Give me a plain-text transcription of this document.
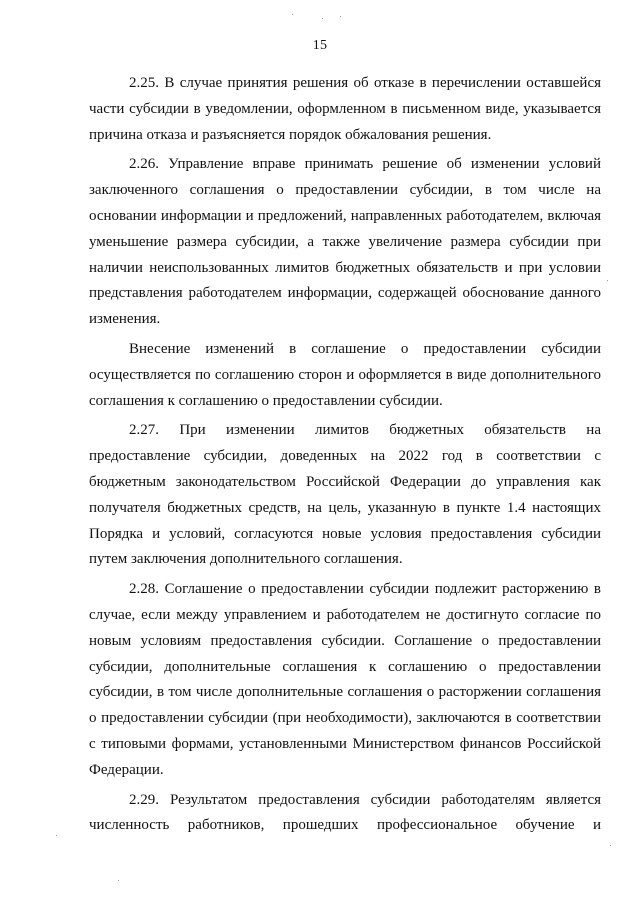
15

2.25. В случае принятия решения об отказе в перечислении оставшейся части субсидии в уведомлении, оформленном в письменном виде, указывается причина отказа и разъясняется порядок обжалования решения.

2.26. Управление вправе принимать решение об изменении условий заключенного соглашения о предоставлении субсидии, в том числе на основании информации и предложений, направленных работодателем, включая уменьшение размера субсидии, а также увеличение размера субсидии при наличии неиспользованных лимитов бюджетных обязательств и при условии представления работодателем информации, содержащей обоснование данного изменения.

Внесение изменений в соглашение о предоставлении субсидии осуществляется по соглашению сторон и оформляется в виде дополнительного соглашения к соглашению о предоставлении субсидии.

2.27. При изменении лимитов бюджетных обязательств на предоставление субсидии, доведенных на 2022 год в соответствии с бюджетным законодательством Российской Федерации до управления как получателя бюджетных средств, на цель, указанную в пункте 1.4 настоящих Порядка и условий, согласуются новые условия предоставления субсидии путем заключения дополнительного соглашения.

2.28. Соглашение о предоставлении субсидии подлежит расторжению в случае, если между управлением и работодателем не достигнуто согласие по новым условиям предоставления субсидии. Соглашение о предоставлении субсидии, дополнительные соглашения к соглашению о предоставлении субсидии, в том числе дополнительные соглашения о расторжении соглашения о предоставлении субсидии (при необходимости), заключаются в соответствии с типовыми формами, установленными Министерством финансов Российской Федерации.

2.29. Результатом предоставления субсидии работодателям является численность работников, прошедших профессиональное обучение и
